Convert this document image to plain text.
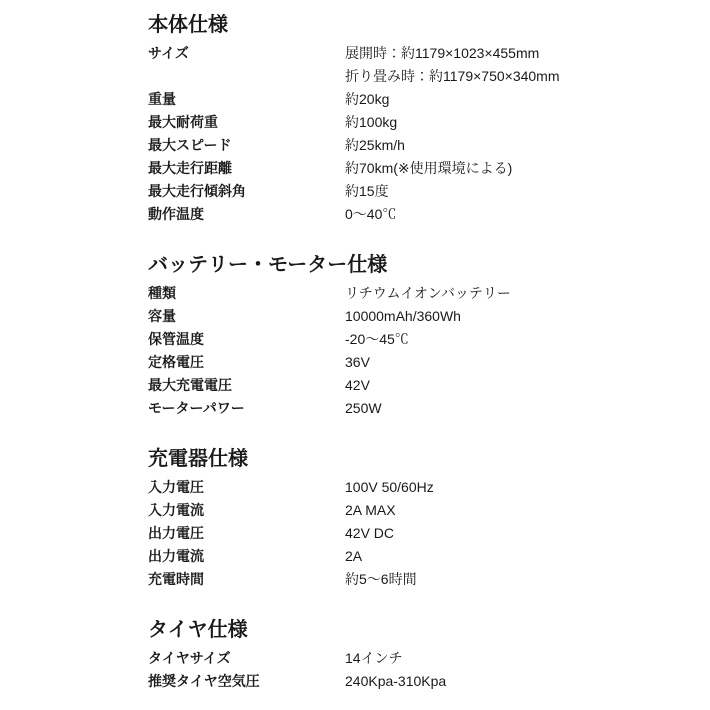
本体仕様
サイズ	展開時：約1179×1023×455mm
折り畳み時：約1179×750×340mm
重量	約20kg
最大耐荷重	約100kg
最大スピード	約25km/h
最大走行距離	約70km(※使用環境による)
最大走行傾斜角	約15度
動作温度	0～40℃
バッテリー・モーター仕様
種類	リチウムイオンバッテリー
容量	10000mAh/360Wh
保管温度	-20～45℃
定格電圧	36V
最大充電電圧	42V
モーターパワー	250W
充電器仕様
入力電圧	100V 50/60Hz
入力電流	2A MAX
出力電圧	42V DC
出力電流	2A
充電時間	約5～6時間
タイヤ仕様
タイヤサイズ	14インチ
推奨タイヤ空気圧	240Kpa-310Kpa
